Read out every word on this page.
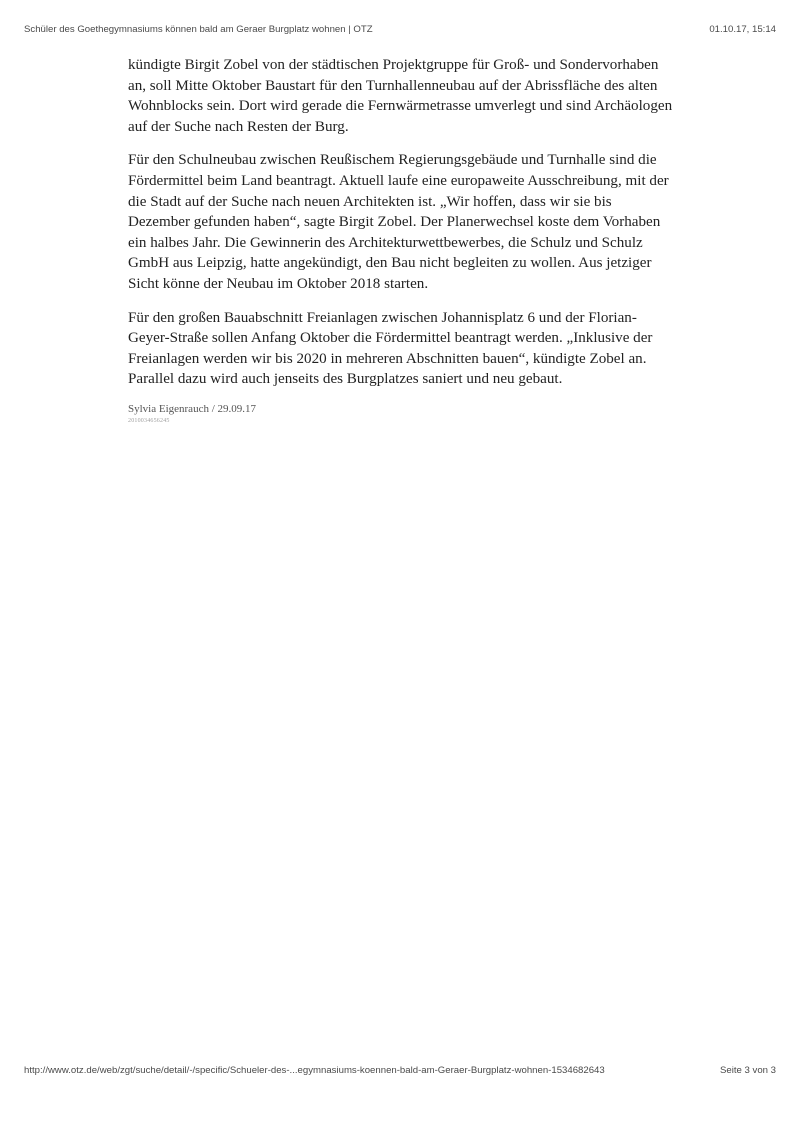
Schüler des Goethegymnasiums können bald am Geraer Burgplatz wohnen | OTZ	01.10.17, 15:14

kündigte Birgit Zobel von der städtischen Projektgruppe für Groß- und Sondervorhaben an, soll Mitte Oktober Baustart für den Turnhallenneubau auf der Abrissfläche des alten Wohnblocks sein. Dort wird gerade die Fernwärmetrasse umverlegt und sind Archäologen auf der Suche nach Resten der Burg.

Für den Schulneubau zwischen Reußischem Regierungsgebäude und Turnhalle sind die Fördermittel beim Land beantragt. Aktuell laufe eine europaweite Ausschreibung, mit der die Stadt auf der Suche nach neuen Architekten ist. „Wir hoffen, dass wir sie bis Dezember gefunden haben“, sagte Birgit Zobel. Der Planerwechsel koste dem Vorhaben ein halbes Jahr. Die Gewinnerin des Architekturwettbewerbes, die Schulz und Schulz GmbH aus Leipzig, hatte angekündigt, den Bau nicht begleiten zu wollen. Aus jetziger Sicht könne der Neubau im Oktober 2018 starten.

Für den großen Bauabschnitt Freianlagen zwischen Johannisplatz 6 und der Florian-Geyer-Straße sollen Anfang Oktober die Fördermittel beantragt werden. „Inklusive der Freianlagen werden wir bis 2020 in mehreren Abschnitten bauen“, kündigte Zobel an. Parallel dazu wird auch jenseits des Burgplatzes saniert und neu gebaut.

Sylvia Eigenrauch / 29.09.17
2010034656245
http://www.otz.de/web/zgt/suche/detail/-/specific/Schueler-des-...egymnasiums-koennen-bald-am-Geraer-Burgplatz-wohnen-1534682643	Seite 3 von 3
